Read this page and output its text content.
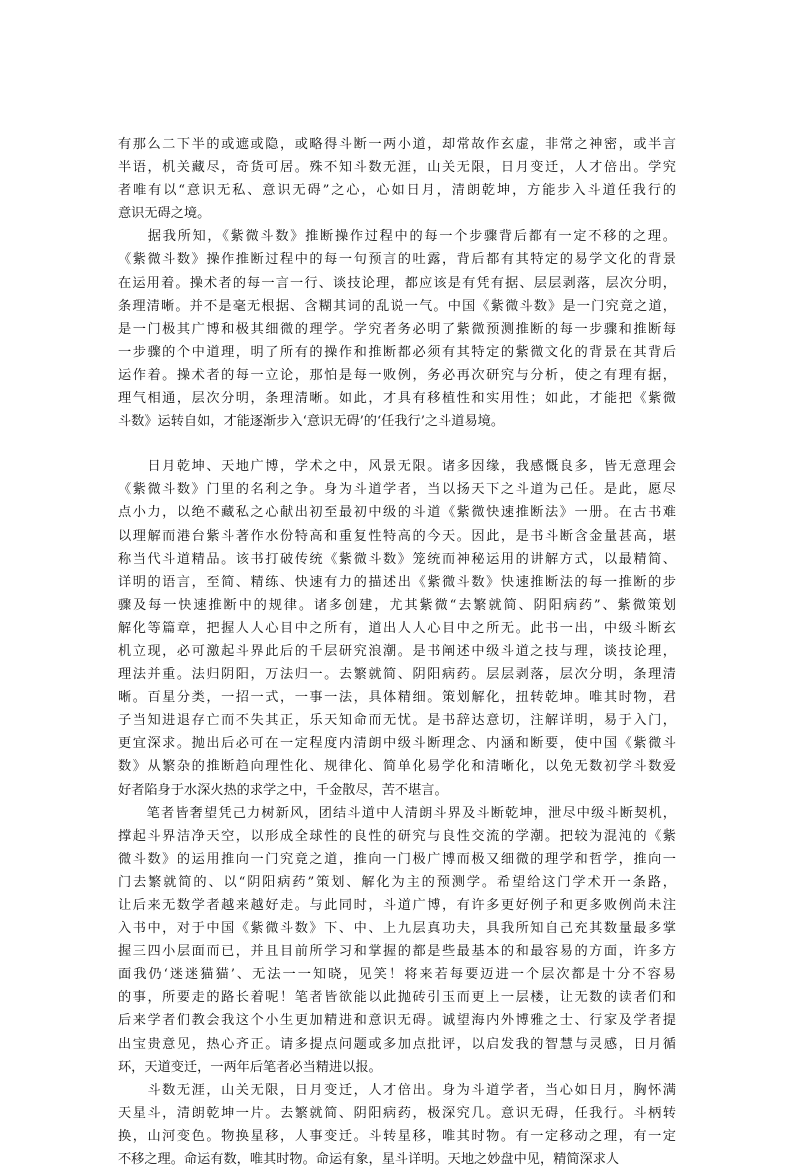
有那么二下半的或遮或隐，或略得斗断一两小道，却常故作玄虚，非常之神密，或半言
半语，机关藏尽，奇货可居。殊不知斗数无涯，山关无限，日月变迁，人才倍出。学究
者唯有以“意识无私、意识无碍”之心，心如日月，清朗乾坤，方能步入斗道任我行的
意识无碍之境。
　　据我所知，《紫微斗数》推断操作过程中的每一个步骤背后都有一定不移的之理。
《紫微斗数》操作推断过程中的每一句预言的吐露，背后都有其特定的易学文化的背景
在运用着。操术者的每一言一行、谈技论理，都应该是有凭有据、层层剥落，层次分明，
条理清晰。并不是毫无根据、含糊其词的乱说一气。中国《紫微斗数》是一门究竟之道，
是一门极其广博和极其细微的理学。学究者务必明了紫微预测推断的每一步骤和推断每
一步骤的个中道理，明了所有的操作和推断都必须有其特定的紫微文化的背景在其背后
运作着。操术者的每一立论，那怕是每一败例，务必再次研究与分析，使之有理有据，
理气相通，层次分明，条理清晰。如此，才具有移植性和实用性；如此，才能把《紫微
斗数》运转自如，才能逐渐步入‘意识无碍’的‘任我行’之斗道易境。
　　日月乾坤、天地广博，学术之中，风景无限。诸多因缘，我感慨良多，皆无意理会
《紫微斗数》门里的名利之争。身为斗道学者，当以扬天下之斗道为己任。是此，愿尽
点小力，以绝不藏私之心献出初至最初中级的斗道《紫微快速推断法》一册。在古书难
以理解而港台紫斗著作水份特高和重复性特高的今天。因此，是书斗断含金量甚高，堪
称当代斗道精品。该书打破传统《紫微斗数》笼统而神秘运用的讲解方式，以最精简、
详明的语言，至简、精练、快速有力的描述出《紫微斗数》快速推断法的每一推断的步
骤及每一快速推断中的规律。诸多创建，尤其紫微“去繁就简、阴阳病药”、紫微策划
解化等篇章，把握人人心目中之所有，道出人人心目中之所无。此书一出，中级斗断玄
机立现，必可激起斗界此后的千层研究浪潮。是书阐述中级斗道之技与理，谈技论理，
理法并重。法归阴阳，万法归一。去繁就简、阴阳病药。层层剥落，层次分明，条理清
晰。百星分类，一招一式，一事一法，具体精细。策划解化，扭转乾坤。唯其时物，君
子当知进退存亡而不失其正，乐天知命而无忧。是书辞达意切，注解详明，易于入门，
更宜深求。抛出后必可在一定程度内清朗中级斗断理念、内涵和断要，使中国《紫微斗
数》从繁杂的推断趋向理性化、规律化、简单化易学化和清晰化，以免无数初学斗数爱
好者陷身于水深火热的求学之中，千金散尽，苦不堪言。
　　笔者皆奢望凭己力树新风，团结斗道中人清朗斗界及斗断乾坤，泄尽中级斗断契机，
撑起斗界洁净天空，以形成全球性的良性的研究与良性交流的学潮。把较为混沌的《紫
微斗数》的运用推向一门究竟之道，推向一门极广博而极又细微的理学和哲学，推向一
门去繁就简的、以“阴阳病药”策划、解化为主的预测学。希望给这门学术开一条路，
让后来无数学者越来越好走。与此同时，斗道广博，有许多更好例子和更多败例尚未注
入书中，对于中国《紫微斗数》下、中、上九层真功夫，具我所知自己充其数量最多掌
握三四小层面而已，并且目前所学习和掌握的都是些最基本的和最容易的方面，许多方
面我仍‘迷迷猫猫’、无法一一知晓，见笑！将来若每要迈进一个层次都是十分不容易
的事，所要走的路长着呢！笔者皆欲能以此抛砖引玉而更上一层楼，让无数的读者们和
后来学者们教会我这个小生更加精进和意识无碍。诚望海内外博雅之士、行家及学者提
出宝贵意见，热心齐正。请多提点问题或多加点批评，以启发我的智慧与灵感，日月循
环，天道变迁，一两年后笔者必当精进以报。
　　斗数无涯，山关无限，日月变迁，人才倍出。身为斗道学者，当心如日月，胸怀满
天星斗，清朗乾坤一片。去繁就简、阴阳病药，极深究几。意识无碍，任我行。斗柄转
换，山河变色。物换星移，人事变迁。斗转星移，唯其时物。有一定移动之理，有一定
不移之理。命运有数，唯其时物。命运有象，星斗详明。天地之妙盘中见，精简深求人
